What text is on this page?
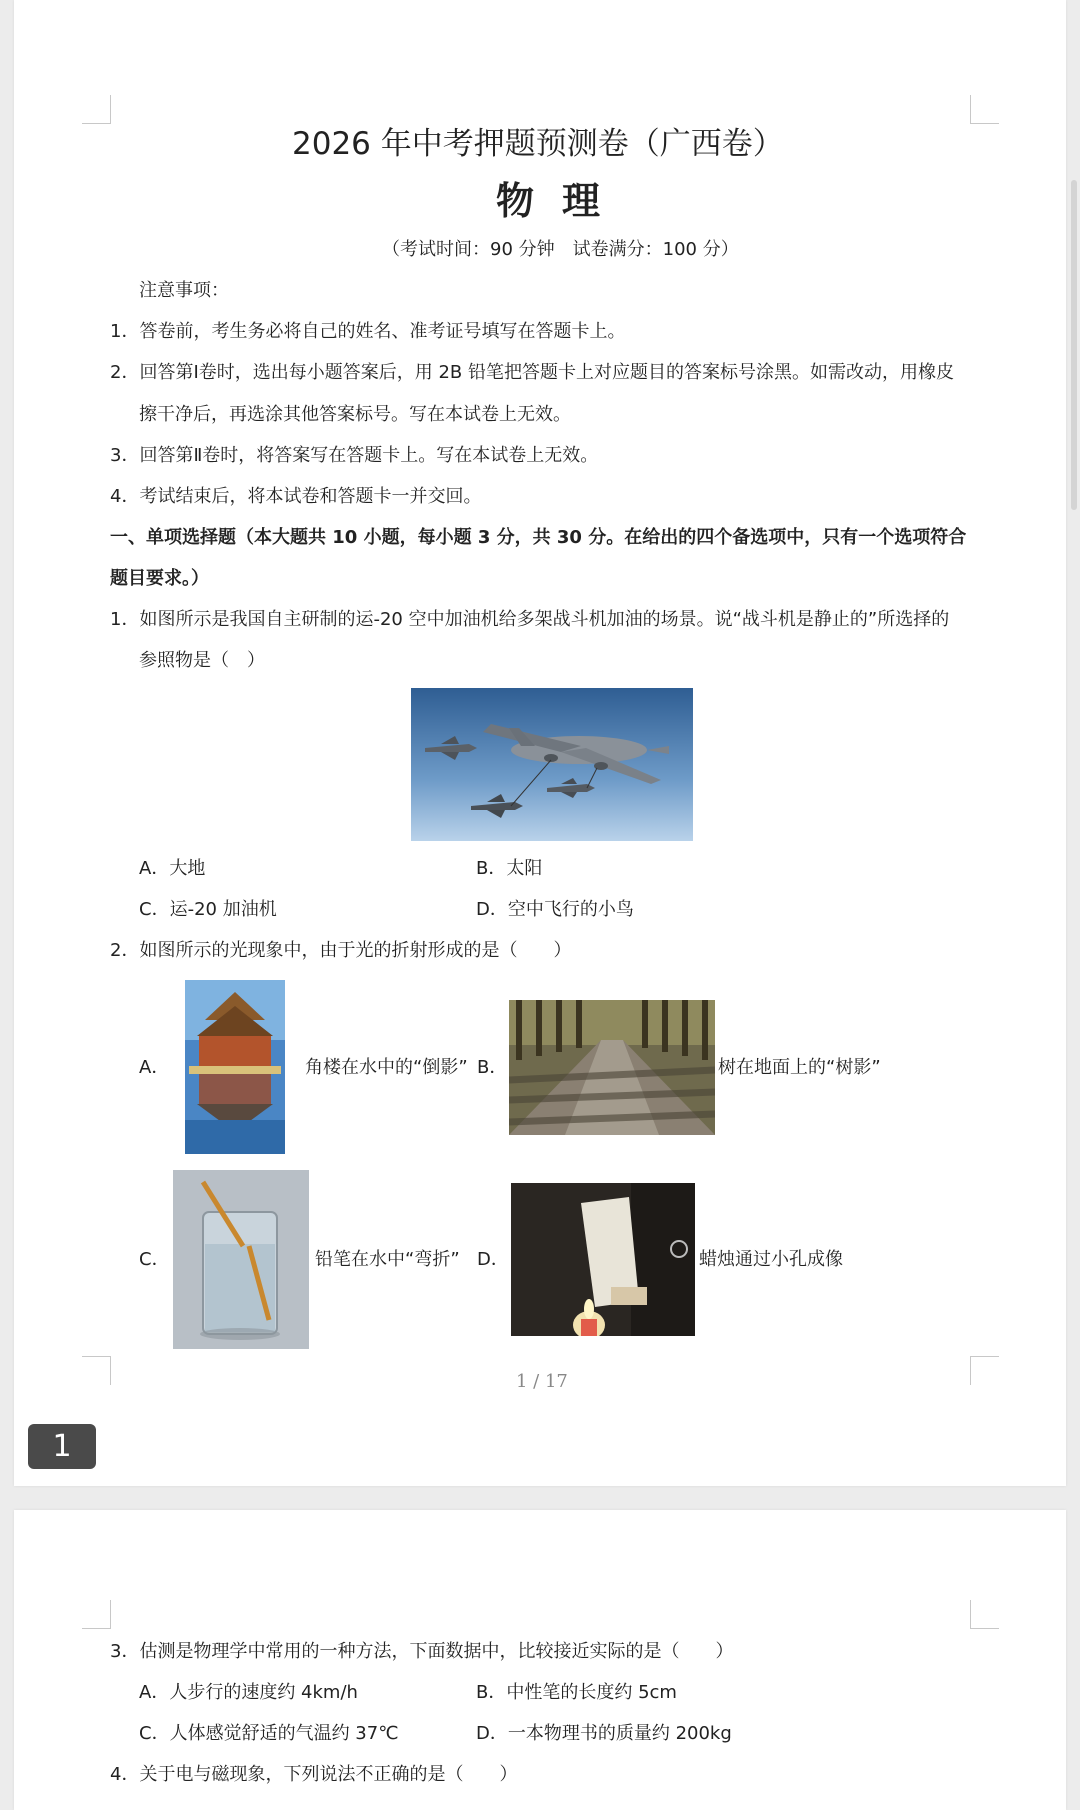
2026 年中考押题预测卷（广西卷）
物理
（考试时间：90 分钟　试卷满分：100 分）
注意事项：
1．答卷前，考生务必将自己的姓名、准考证号填写在答题卡上。
2．回答第Ⅰ卷时，选出每小题答案后，用 2B 铅笔把答题卡上对应题目的答案标号涂黑。如需改动，用橡皮
擦干净后，再选涂其他答案标号。写在本试卷上无效。
3．回答第Ⅱ卷时，将答案写在答题卡上。写在本试卷上无效。
4．考试结束后，将本试卷和答题卡一并交回。
一、单项选择题（本大题共 10 小题，每小题 3 分，共 30 分。在给出的四个备选项中，只有一个选项符合
题目要求。）
1．如图所示是我国自主研制的运-20 空中加油机给多架战斗机加油的场景。说“战斗机是静止的”所选择的
参照物是（　）
A．大地	B．太阳
C．运-20 加油机	D．空中飞行的小鸟
2．如图所示的光现象中，由于光的折射形成的是（　　）
A．	角楼在水中的“倒影” B．	树在地面上的“树影”
C．	铅笔在水中“弯折” D．	蜡烛通过小孔成像
1 / 17
1
3．估测是物理学中常用的一种方法，下面数据中，比较接近实际的是（　　）
A．人步行的速度约 4km/h	B．中性笔的长度约 5cm
C．人体感觉舒适的气温约 37℃	D．一本物理书的质量约 200kg
4．关于电与磁现象，下列说法不正确的是（　　）
